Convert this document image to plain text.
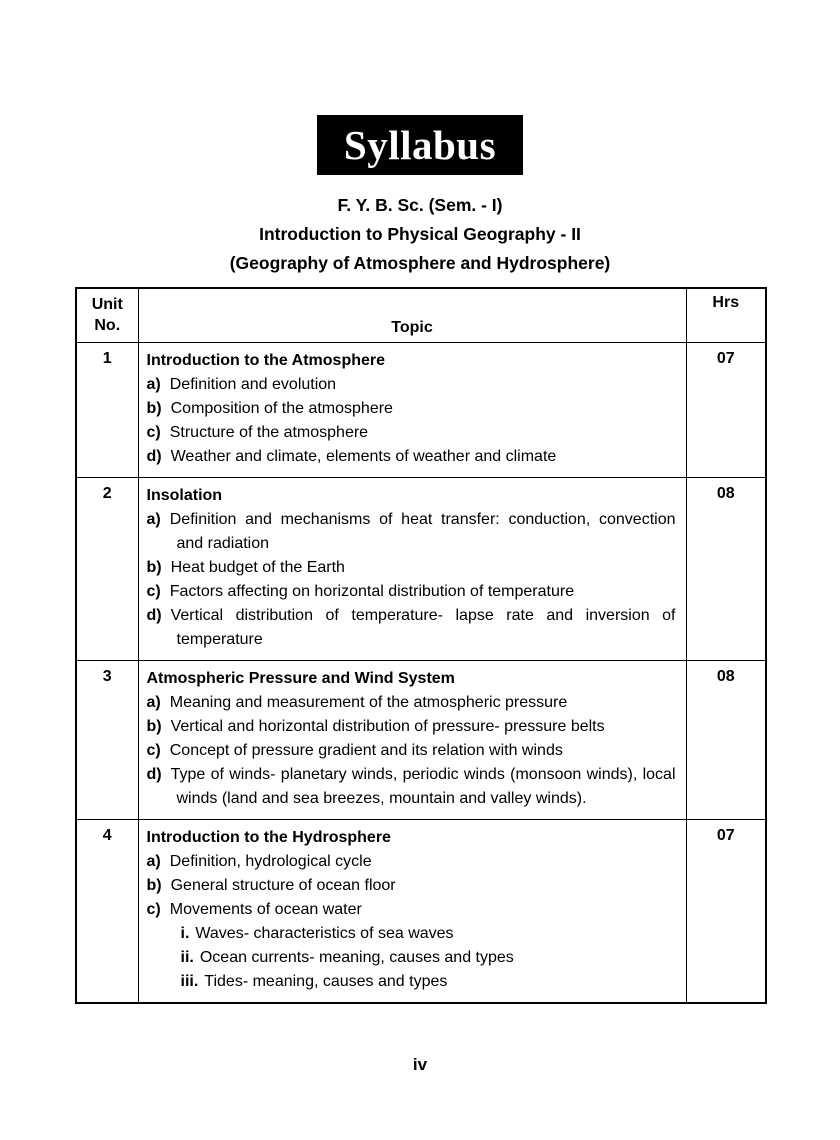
Syllabus
F. Y. B. Sc. (Sem. - I)
Introduction to Physical Geography - II
(Geography of Atmosphere and Hydrosphere)
Unit
No.	Topic	Hrs
1	Introduction to the Atmosphere
a) Definition and evolution
b) Composition of the atmosphere
c) Structure of the atmosphere
d) Weather and climate, elements of weather and climate	07
2	Insolation
a) Definition and mechanisms of heat transfer: conduction, convection and radiation
b) Heat budget of the Earth
c) Factors affecting on horizontal distribution of temperature
d) Vertical distribution of temperature- lapse rate and inversion of temperature	08
3	Atmospheric Pressure and Wind System
a) Meaning and measurement of the atmospheric pressure
b) Vertical and horizontal distribution of pressure- pressure belts
c) Concept of pressure gradient and its relation with winds
d) Type of winds- planetary winds, periodic winds (monsoon winds), local winds (land and sea breezes, mountain and valley winds).	08
4	Introduction to the Hydrosphere
a) Definition, hydrological cycle
b) General structure of ocean floor
c) Movements of ocean water
i. Waves- characteristics of sea waves
ii. Ocean currents- meaning, causes and types
iii. Tides- meaning, causes and types
	07
iv
